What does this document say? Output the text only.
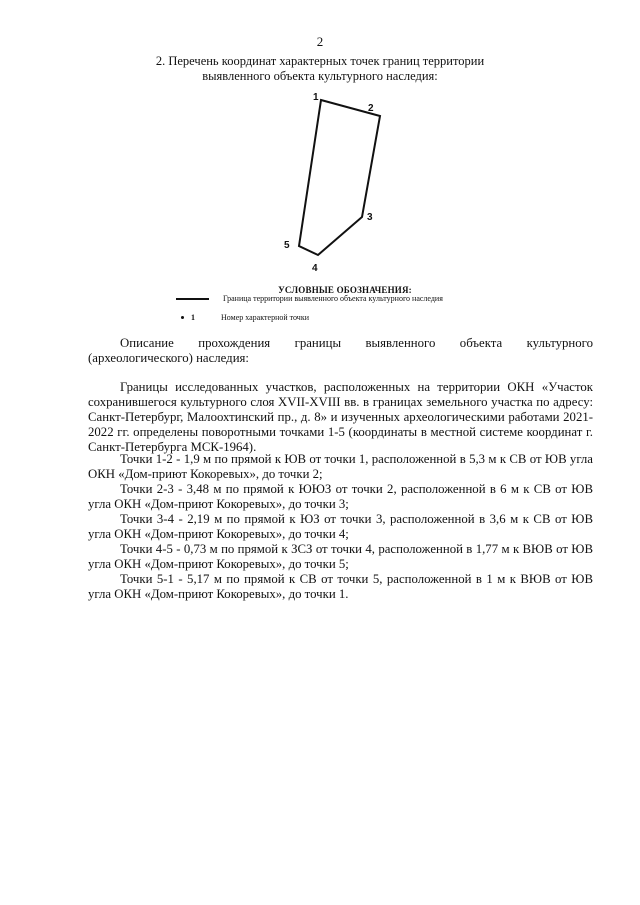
2
2. Перечень координат характерных точек границ территории
выявленного объекта культурного наследия:
1
2
3
4
5
УСЛОВНЫЕ ОБОЗНАЧЕНИЯ:
Граница территории выявленного объекта культурного наследия
1	Номер характерной точки

Описание прохождения границы выявленного объекта культурного (археологического) наследия:

Границы исследованных участков, расположенных на территории ОКН «Участок сохранившегося культурного слоя XVII-XVIII вв. в границах земельного участка по адресу: Санкт-Петербург, Малоохтинский пр., д. 8» и изученных археологическими работами 2021-2022 гг. определены поворотными точками 1-5 (координаты в местной системе координат г. Санкт-Петербурга МСК-1964).

Точки 1-2 - 1,9 м по прямой к ЮВ от точки 1, расположенной в 5,3 м к СВ от ЮВ угла ОКН «Дом-приют Кокоревых», до точки 2;

Точки 2-3 - 3,48 м по прямой к ЮЮЗ от точки 2, расположенной в 6 м к СВ от ЮВ угла ОКН «Дом-приют Кокоревых», до точки 3;

Точки 3-4 - 2,19 м по прямой к ЮЗ от точки 3, расположенной в 3,6 м к СВ от ЮВ угла ОКН «Дом-приют Кокоревых», до точки 4;

Точки 4-5 - 0,73 м по прямой к ЗСЗ от точки 4, расположенной в 1,77 м к ВЮВ от ЮВ угла ОКН «Дом-приют Кокоревых», до точки 5;

Точки 5-1 - 5,17 м по прямой к СВ от точки 5, расположенной в 1 м к ВЮВ от ЮВ угла ОКН «Дом-приют Кокоревых», до точки 1.
